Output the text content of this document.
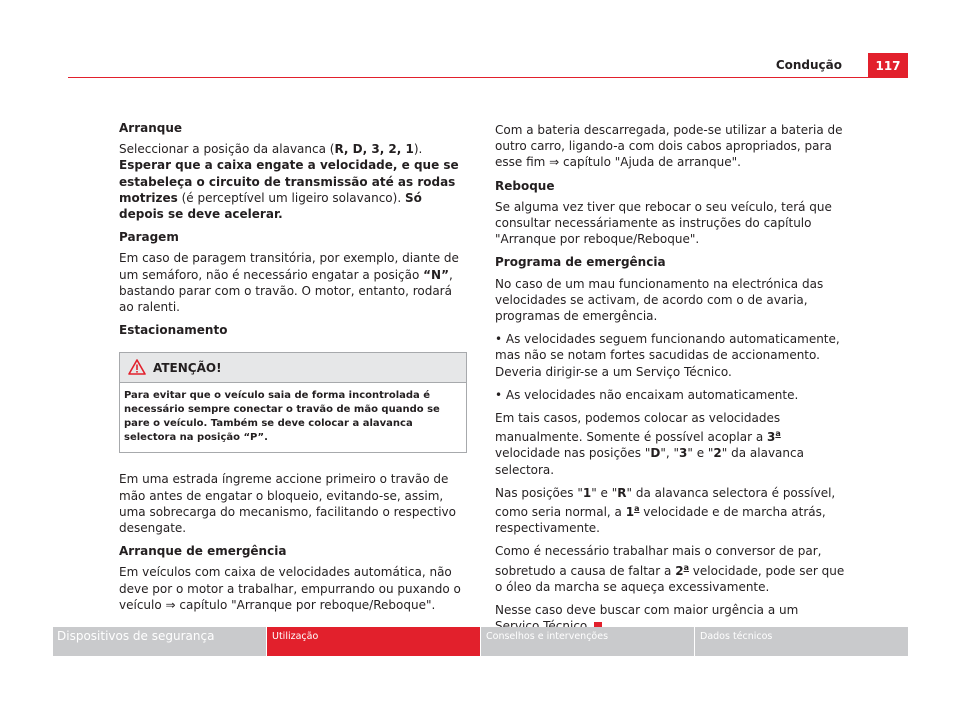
Condução	117
Arranque

Seleccionar a posição da alavanca (R, D, 3, 2, 1). Esperar que a caixa engate a velocidade, e que se estabeleça o circuito de transmissão até as rodas motrizes (é perceptível um ligeiro solavanco). Só depois se deve acelerar.

Paragem

Em caso de paragem transitória, por exemplo, diante de um semáforo, não é necessário engatar a posição “N”, bastando parar com o travão. O motor, entanto, rodará ao ralenti.

Estacionamento
ATENÇÃO!
Para evitar que o veículo saia de forma incontrolada é necessário sempre conectar o travão de mão quando se pare o veículo. Também se deve colocar a alavanca selectora na posição “P”.

Em uma estrada íngreme accione primeiro o travão de mão antes de engatar o bloqueio, evitando-se, assim, uma sobrecarga do mecanismo, facilitando o respectivo desengate.

Arranque de emergência

Em veículos com caixa de velocidades automática, não deve por o motor a trabalhar, empurrando ou puxando o veículo ⇒ capítulo "Arranque por reboque/Reboque".

Com a bateria descarregada, pode-se utilizar a bateria de outro carro, ligando-a com dois cabos apropriados, para esse fim ⇒ capítulo "Ajuda de arranque".

Reboque

Se alguma vez tiver que rebocar o seu veículo, terá que consultar necessáriamente as instruções do capítulo "Arranque por reboque/Reboque".

Programa de emergência

No caso de um mau funcionamento na electrónica das velocidades se activam, de acordo com o de avaria, programas de emergência.

• As velocidades seguem funcionando automaticamente, mas não se notam fortes sacudidas de accionamento. Deveria dirigir-se a um Serviço Técnico.

• As velocidades não encaixam automaticamente.

Em tais casos, podemos colocar as velocidades manualmente. Somente é possível acoplar a 3$^a$ velocidade nas posições "D", "3" e "2" da alavanca selectora.

Nas posições "1" e "R" da alavanca selectora é possível, como seria normal, a 1$^a$ velocidade e de marcha atrás, respectivamente.

Como é necessário trabalhar mais o conversor de par, sobretudo a causa de faltar a 2$^a$ velocidade, pode ser que o óleo da marcha se aqueça excessivamente.

Nesse caso deve buscar com maior urgência a um

Dispositivos de segurança	Utilização	Conselhos e intervenções	Dados técnicos
